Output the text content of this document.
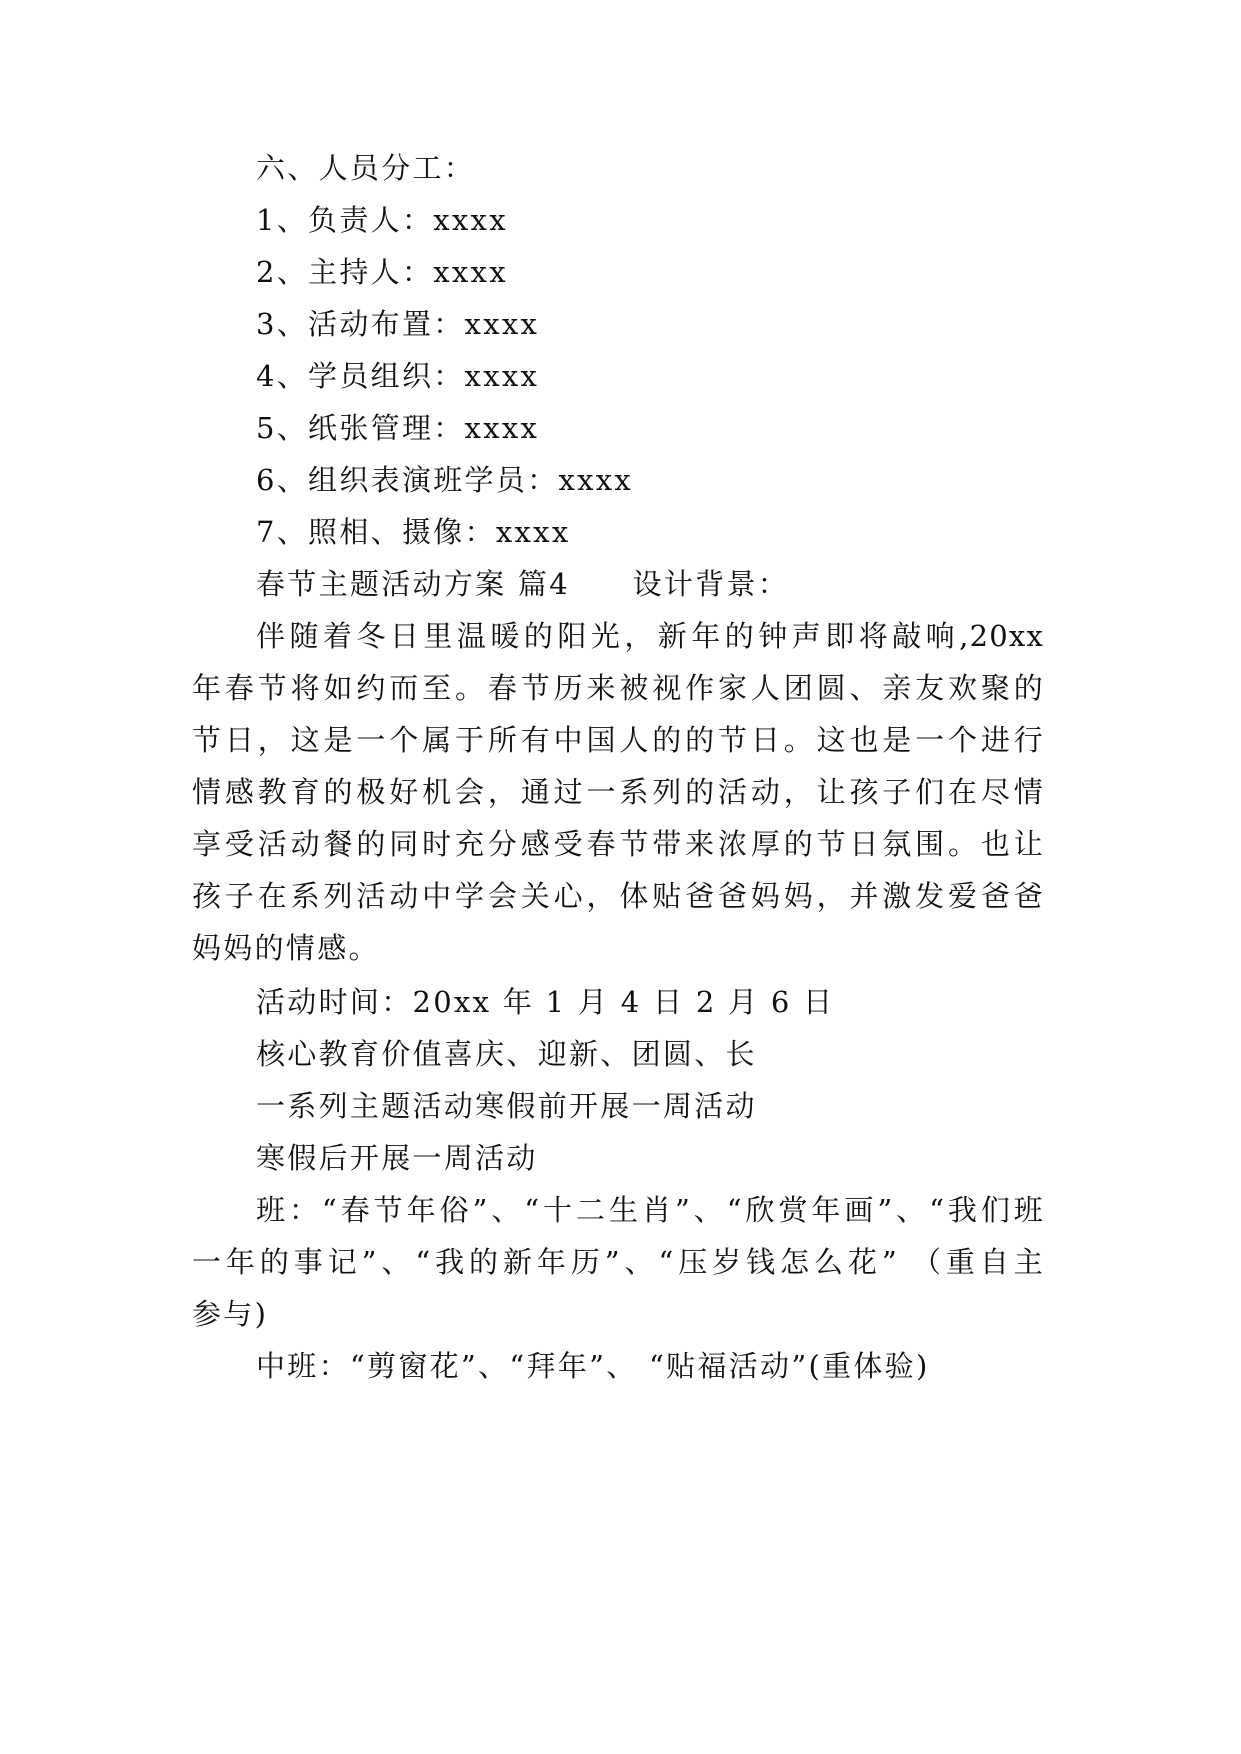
六、人员分工：
1、负责人：xxxx
2、主持人：xxxx
3、活动布置：xxxx
4、学员组织：xxxx
5、纸张管理：xxxx
6、组织表演班学员：xxxx
7、照相、摄像：xxxx
春节主题活动方案 篇4　　设计背景：
伴随着冬日里温暖的阳光，新年的钟声即将敲响,20xx
年春节将如约而至。春节历来被视作家人团圆、亲友欢聚的
节日，这是一个属于所有中国人的的节日。这也是一个进行
情感教育的极好机会，通过一系列的活动，让孩子们在尽情
享受活动餐的同时充分感受春节带来浓厚的节日氛围。也让
孩子在系列活动中学会关心，体贴爸爸妈妈，并激发爱爸爸
妈妈的情感。
活动时间：20xx 年 1 月 4 日 2 月 6 日
核心教育价值喜庆、迎新、团圆、长
一系列主题活动寒假前开展一周活动
寒假后开展一周活动
班：“春节年俗”、“十二生肖”、“欣赏年画”、“我们班
一年的事记”、“我的新年历”、“压岁钱怎么花” （重自主
参与)
中班：“剪窗花”、“拜年”、 “贴福活动”(重体验)
